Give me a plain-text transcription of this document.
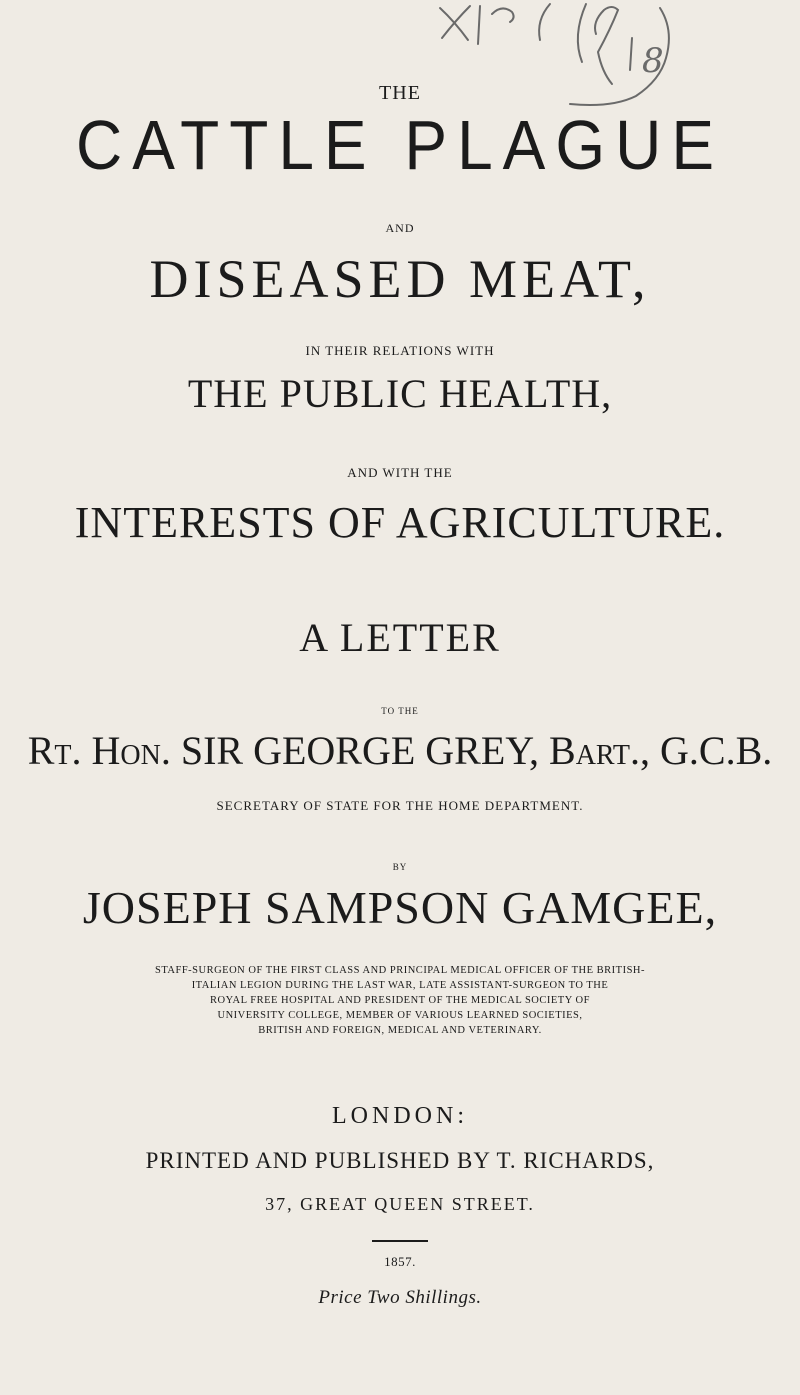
8
THE
CATTLE PLAGUE
AND
DISEASED MEAT,
IN THEIR RELATIONS WITH
THE PUBLIC HEALTH,
AND WITH THE
INTERESTS OF AGRICULTURE.
A LETTER
TO THE
Rt. Hon. SIR GEORGE GREY, Bart., G.C.B.
SECRETARY OF STATE FOR THE HOME DEPARTMENT.
BY
JOSEPH SAMPSON GAMGEE,
STAFF-SURGEON OF THE FIRST CLASS AND PRINCIPAL MEDICAL OFFICER OF THE BRITISH-
ITALIAN LEGION DURING THE LAST WAR, LATE ASSISTANT-SURGEON TO THE
ROYAL FREE HOSPITAL AND PRESIDENT OF THE MEDICAL SOCIETY OF
UNIVERSITY COLLEGE, MEMBER OF VARIOUS LEARNED SOCIETIES,
BRITISH AND FOREIGN, MEDICAL AND VETERINARY.
LONDON:
PRINTED AND PUBLISHED BY T. RICHARDS,
37, GREAT QUEEN STREET.
1857.
Price Two Shillings.
